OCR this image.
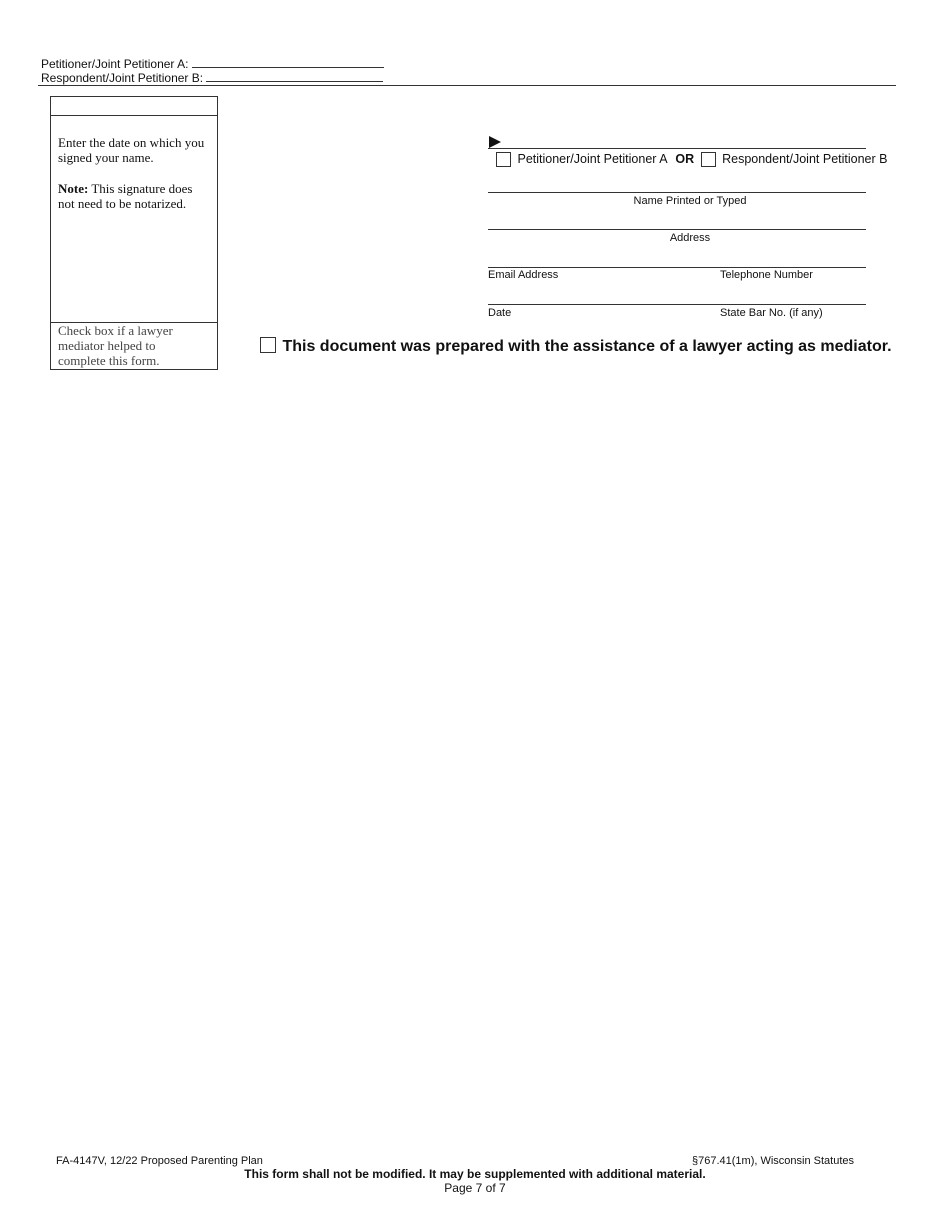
Petitioner/Joint Petitioner A:
Respondent/Joint Petitioner B:
Enter the date on which you signed your name.
Note: This signature does not need to be notarized.
Check box if a lawyer mediator helped to complete this form.
Petitioner/Joint Petitioner A OR Respondent/Joint Petitioner B
Name Printed or Typed
Address
Email Address	Telephone Number
Date	State Bar No. (if any)
This document was prepared with the assistance of a lawyer acting as mediator.
FA-4147V, 12/22 Proposed Parenting Plan	§767.41(1m), Wisconsin Statutes
This form shall not be modified. It may be supplemented with additional material.
Page 7 of 7
